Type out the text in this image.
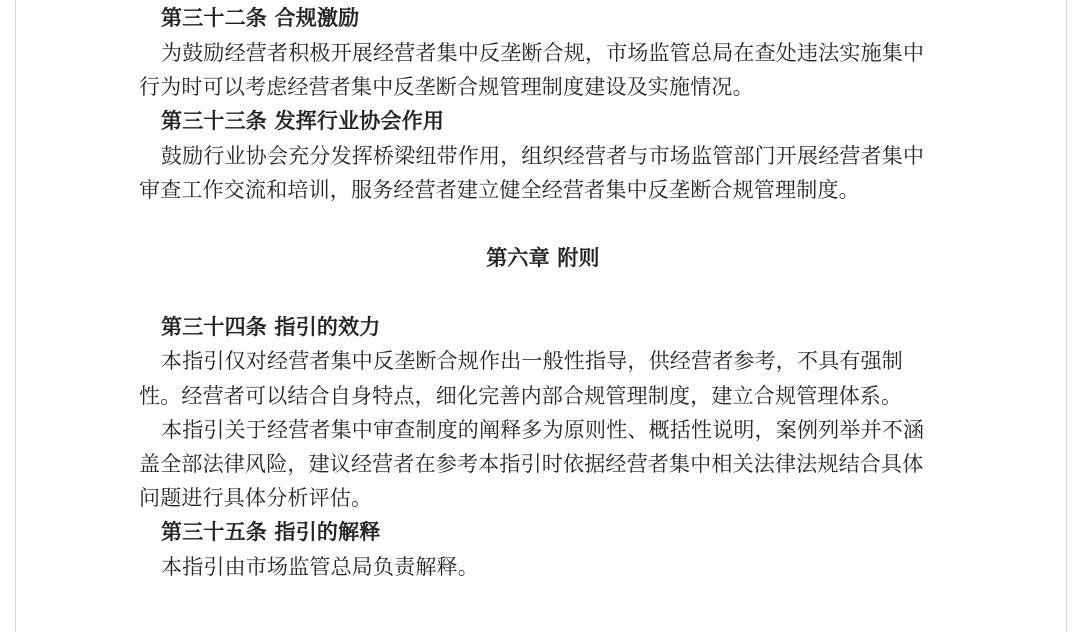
第三十二条 合规激励
为鼓励经营者积极开展经营者集中反垄断合规，市场监管总局在查处违法实施集中
行为时可以考虑经营者集中反垄断合规管理制度建设及实施情况。
第三十三条 发挥行业协会作用
鼓励行业协会充分发挥桥梁纽带作用，组织经营者与市场监管部门开展经营者集中
审查工作交流和培训，服务经营者建立健全经营者集中反垄断合规管理制度。
第六章 附则
第三十四条 指引的效力
本指引仅对经营者集中反垄断合规作出一般性指导，供经营者参考，不具有强制
性。经营者可以结合自身特点，细化完善内部合规管理制度，建立合规管理体系。
本指引关于经营者集中审查制度的阐释多为原则性、概括性说明，案例列举并不涵
盖全部法律风险，建议经营者在参考本指引时依据经营者集中相关法律法规结合具体
问题进行具体分析评估。
第三十五条 指引的解释
本指引由市场监管总局负责解释。
